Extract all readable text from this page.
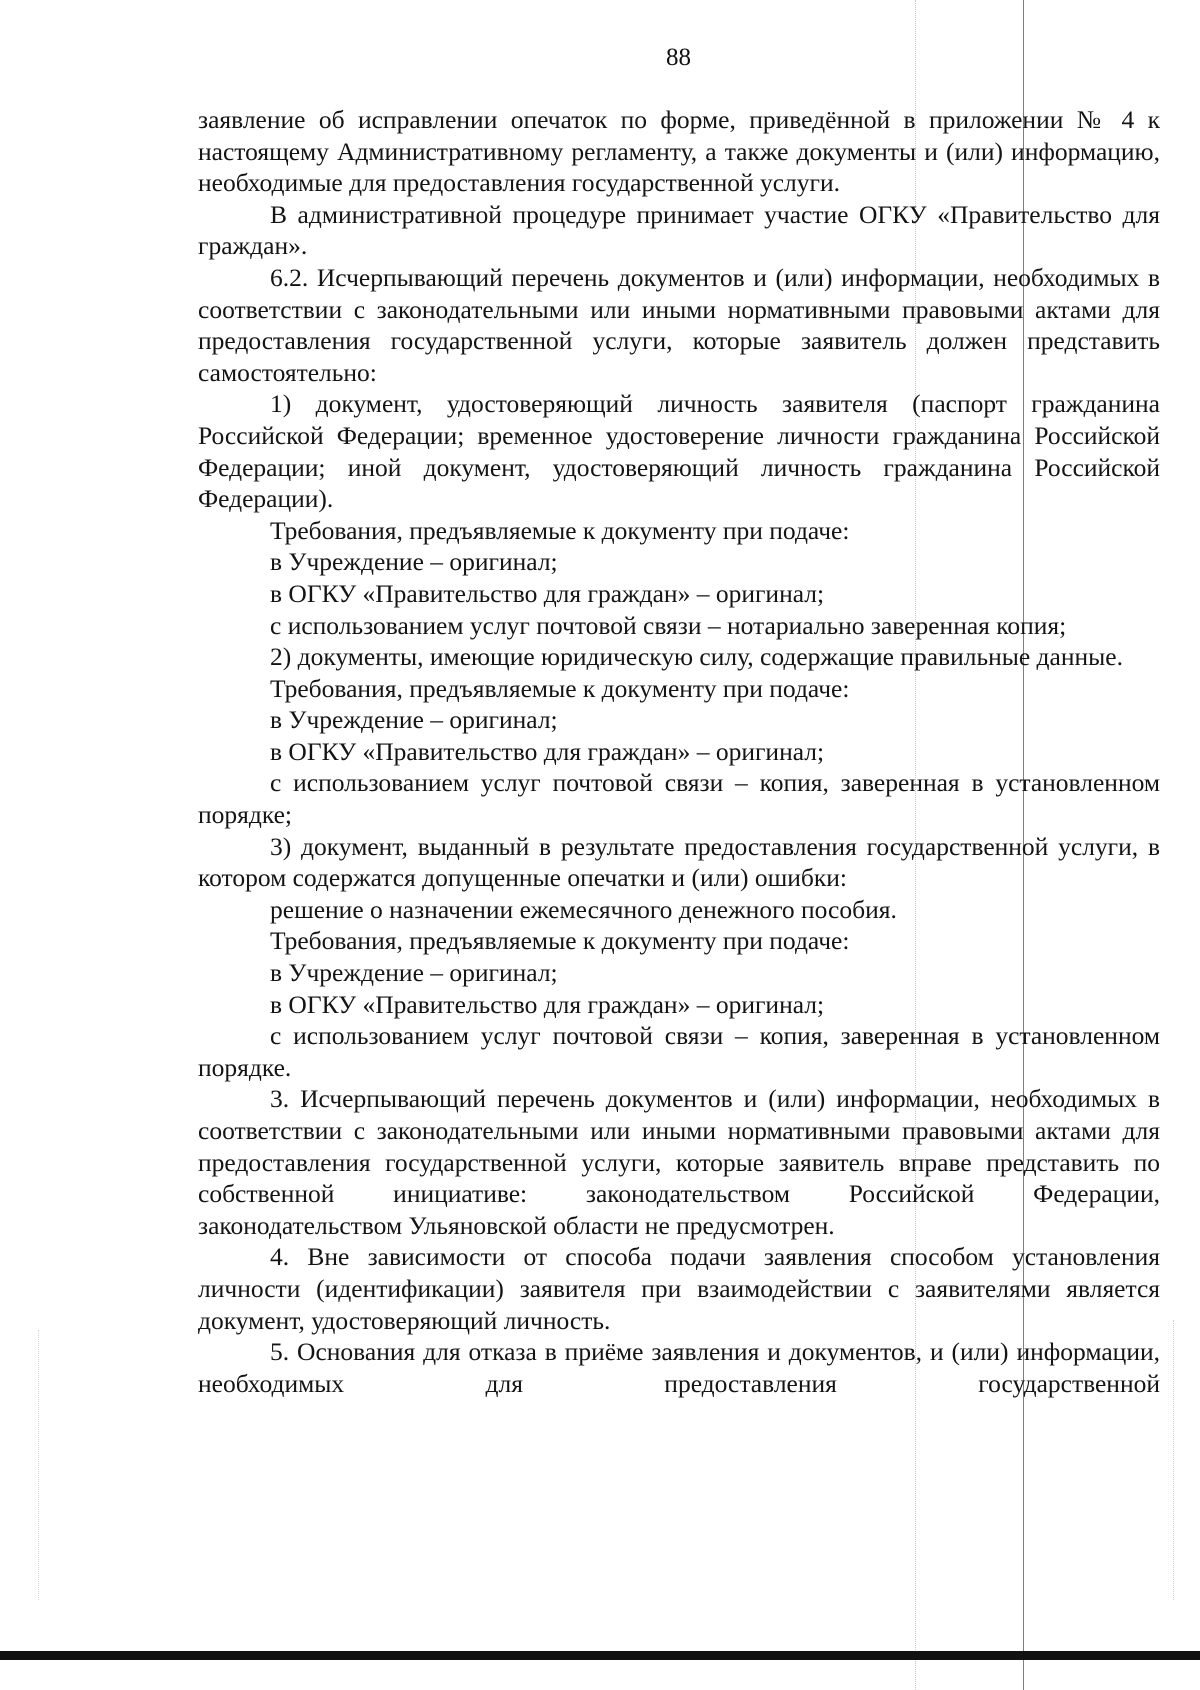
88

заявление об исправлении опечаток по форме, приведённой в приложении № 4 к настоящему Административному регламенту, а также документы и (или) информацию, необходимые для предоставления государственной услуги.

В административной процедуре принимает участие ОГКУ «Правительство для граждан».

6.2. Исчерпывающий перечень документов и (или) информации, необходимых в соответствии с законодательными или иными нормативными правовыми актами для предоставления государственной услуги, которые заявитель должен представить самостоятельно:

1) документ, удостоверяющий личность заявителя (паспорт гражданина Российской Федерации; временное удостоверение личности гражданина Российской Федерации; иной документ, удостоверяющий личность гражданина Российской Федерации).

Требования, предъявляемые к документу при подаче:

в Учреждение – оригинал;

в ОГКУ «Правительство для граждан» – оригинал;

с использованием услуг почтовой связи – нотариально заверенная копия;

2) документы, имеющие юридическую силу, содержащие правильные данные.

Требования, предъявляемые к документу при подаче:

в Учреждение – оригинал;

в ОГКУ «Правительство для граждан» – оригинал;

с использованием услуг почтовой связи – копия, заверенная в установленном порядке;

3) документ, выданный в результате предоставления государственной услуги, в котором содержатся допущенные опечатки и (или) ошибки:

решение о назначении ежемесячного денежного пособия.

Требования, предъявляемые к документу при подаче:

в Учреждение – оригинал;

в ОГКУ «Правительство для граждан» – оригинал;

с использованием услуг почтовой связи – копия, заверенная в установленном порядке.

3. Исчерпывающий перечень документов и (или) информации, необходимых в соответствии с законодательными или иными нормативными правовыми актами для предоставления государственной услуги, которые заявитель вправе представить по собственной инициативе: законодательством Российской Федерации, законодательством Ульяновской области не предусмотрен.

4. Вне зависимости от способа подачи заявления способом установления личности (идентификации) заявителя при взаимодействии с заявителями является документ, удостоверяющий личность.

5. Основания для отказа в приёме заявления и документов, и (или) информации, необходимых для предоставления государственной
